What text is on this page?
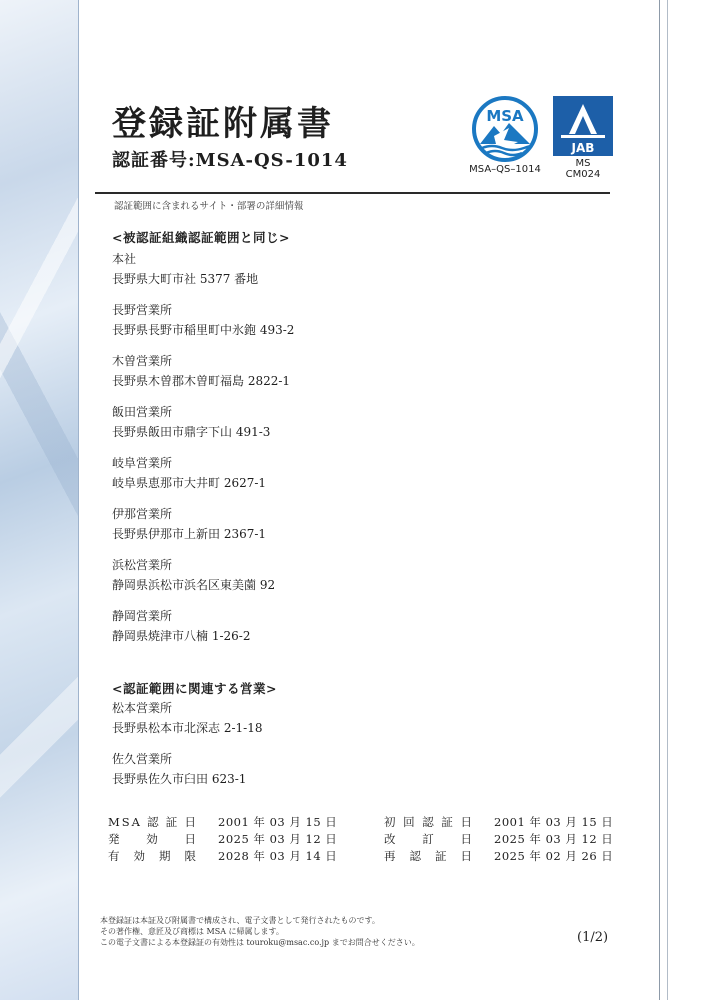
登録証附属書
認証番号:MSA-QS-1014
MSA
MSA–QS–1014
JAB
MS
CM024
認証範囲に含まれるサイト・部署の詳細情報
<被認証組織認証範囲と同じ>
本社
長野県大町市社 5377 番地
長野営業所
長野県長野市稲里町中氷鉋 493-2
木曽営業所
長野県木曽郡木曽町福島 2822-1
飯田営業所
長野県飯田市鼎字下山 491-3
岐阜営業所
岐阜県恵那市大井町 2627-1
伊那営業所
長野県伊那市上新田 2367-1
浜松営業所
静岡県浜松市浜名区東美薗 92
静岡営業所
静岡県焼津市八楠 1-26-2
<認証範囲に関連する営業>
松本営業所
長野県松本市北深志 2-1-18
佐久営業所
長野県佐久市臼田 623-1
MSA認証日 2001 年 03 月 15 日	初回認証日 2001 年 03 月 15 日
発効日 2025 年 03 月 12 日	改訂日 2025 年 03 月 12 日
有効期限 2028 年 03 月 14 日	再認証日 2025 年 02 月 26 日
本登録証は本証及び附属書で構成され、電子文書として発行されたものです。
その著作権、意匠及び商標は MSA に帰属します。
この電子文書による本登録証の有効性は touroku@msac.co.jp までお問合せください。	(1/2)
